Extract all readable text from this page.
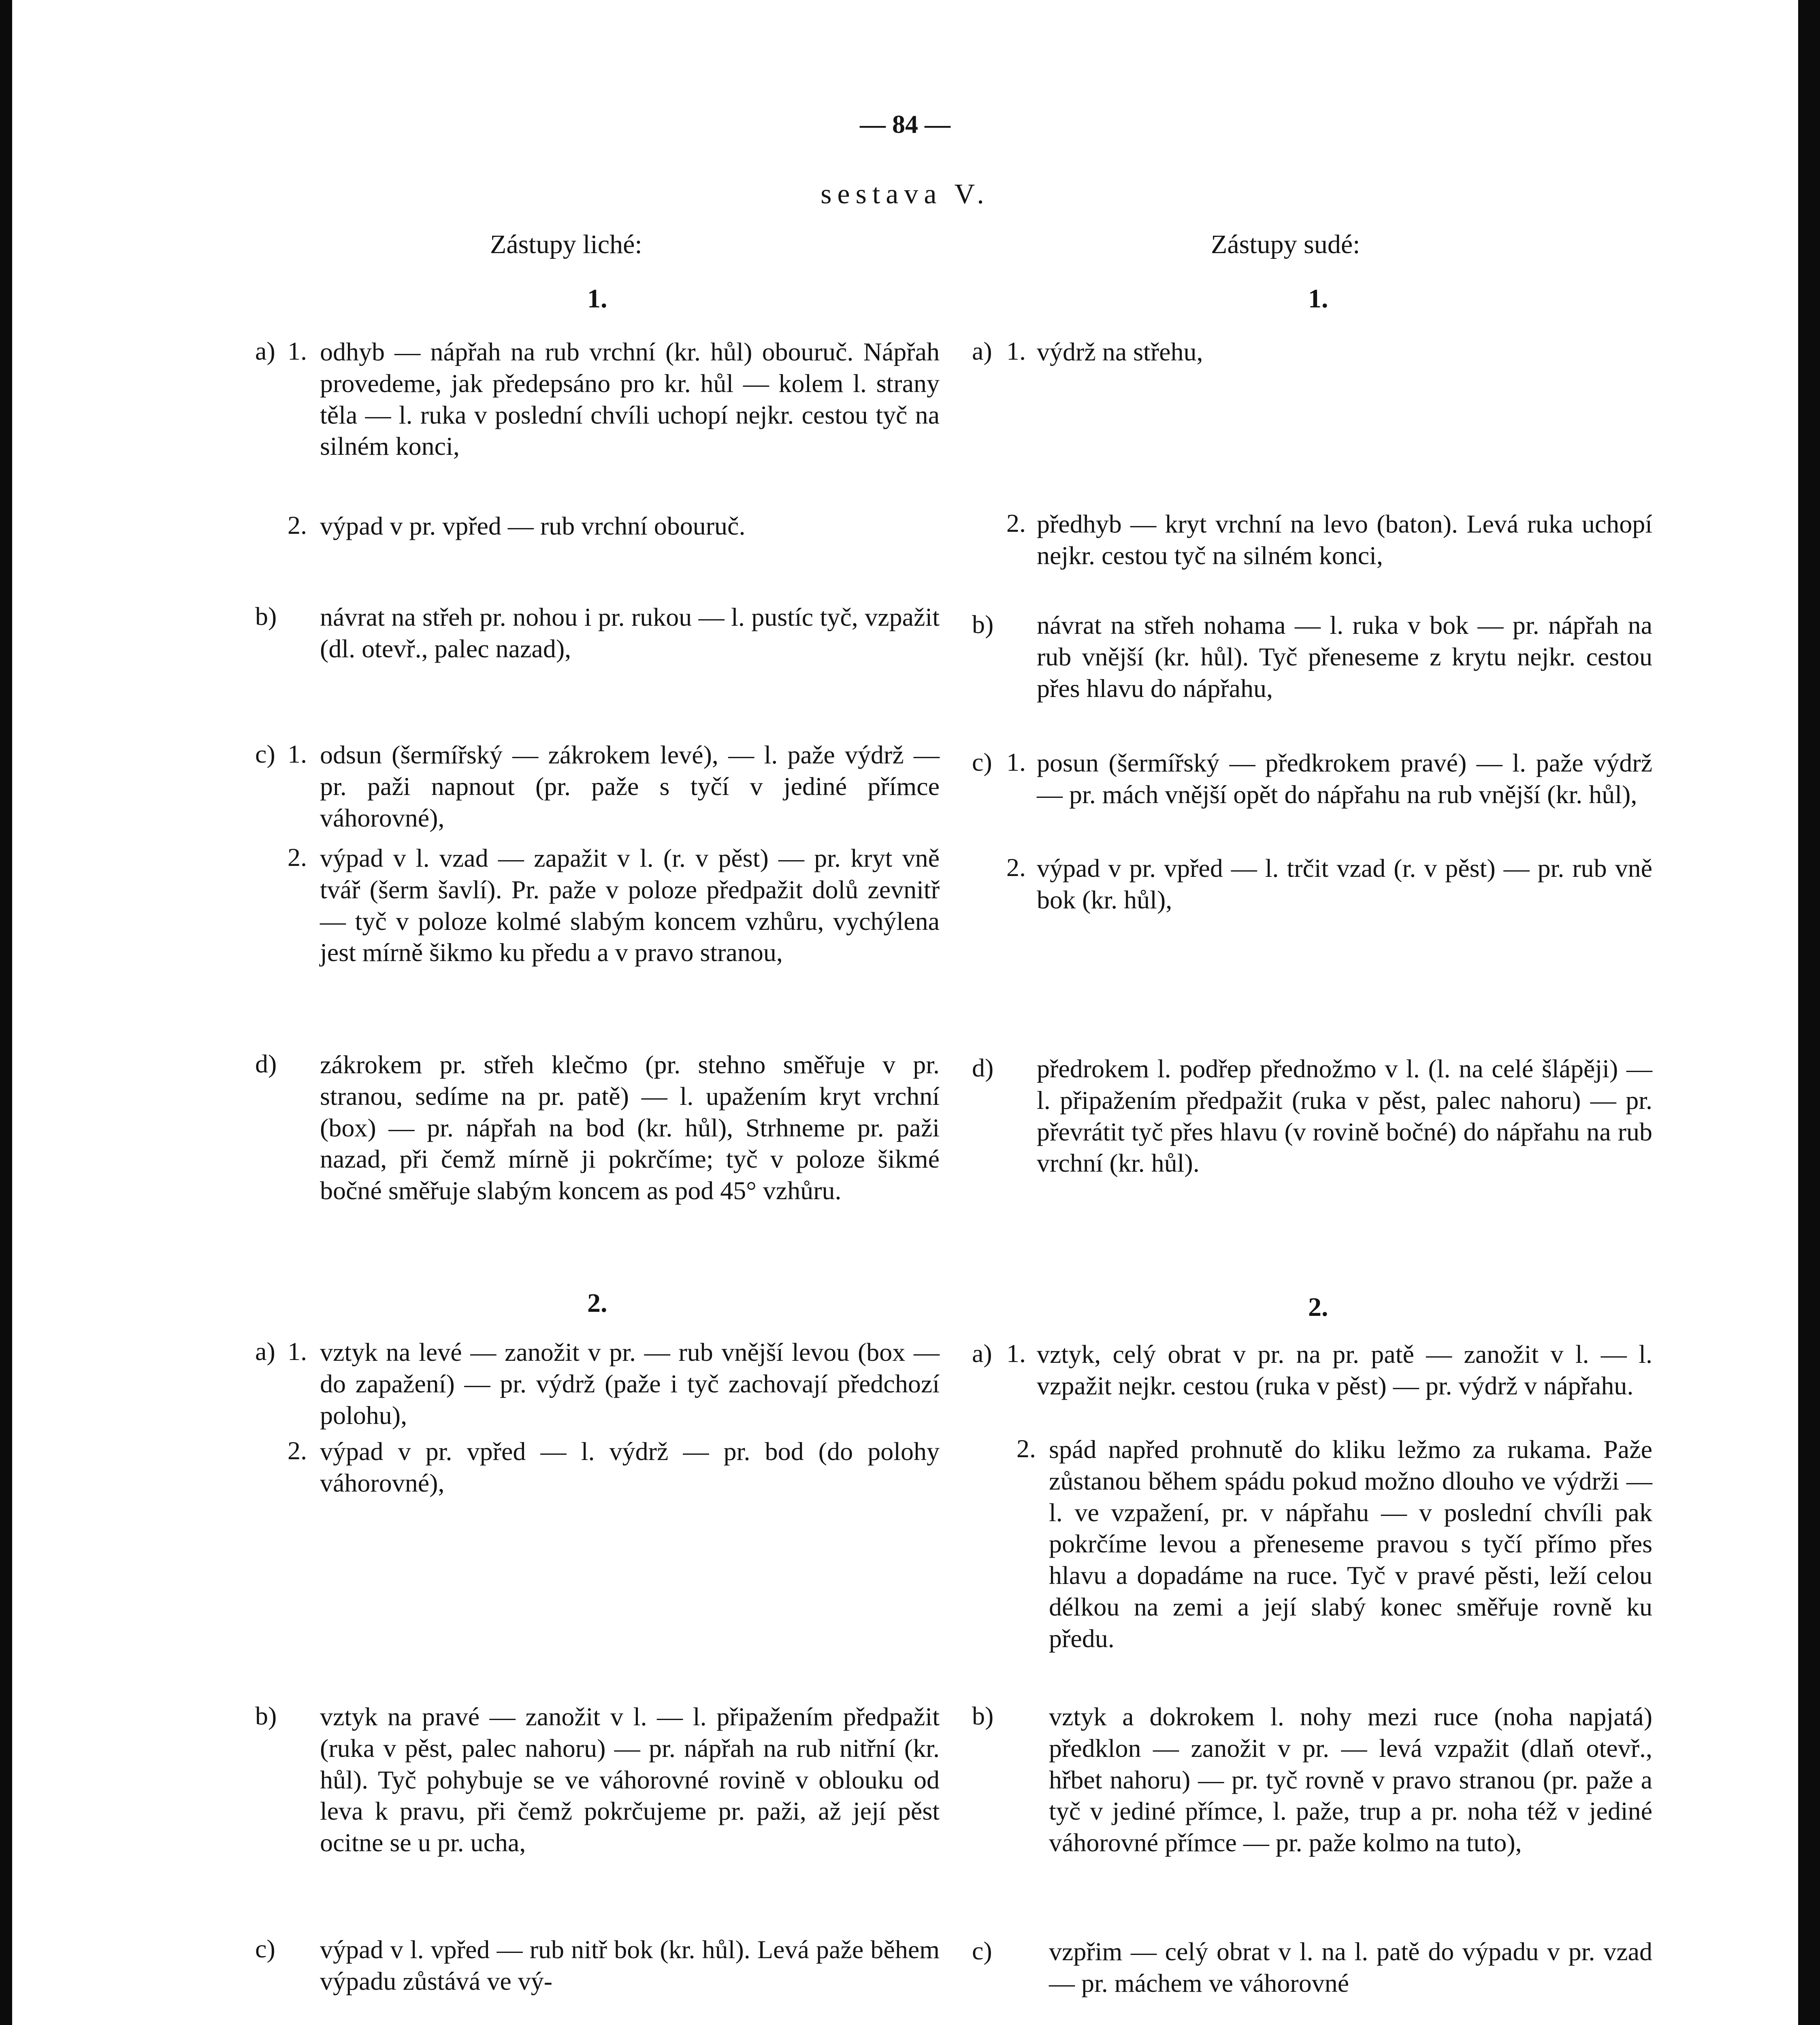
— 84 —
sestava V.
Zástupy liché:	Zástupy sudé:
1.
a) 1. odhyb — nápřah na rub vrchní (kr. hůl) obouruč. Nápřah provedeme, jak předepsáno pro kr. hůl — kolem l. strany těla — l. ruka v poslední chvíli uchopí nejkr. cestou tyč na silném konci,

2. výpad v pr. vpřed — rub vrchní obouruč.

b) návrat na střeh pr. nohou i pr. rukou — l. pustíc tyč, vzpažit (dl. otevř., palec nazad),

c) 1. odsun (šermířský — zákrokem levé), — l. paže výdrž — pr. paži napnout (pr. paže s tyčí v jediné přímce váhorovné),

2. výpad v l. vzad — zapažit v l. (r. v pěst) — pr. kryt vně tvář (šerm šavlí). Pr. paže v poloze předpažit dolů zevnitř — tyč v poloze kolmé slabým koncem vzhůru, vychýlena jest mírně šikmo ku předu a v pravo stranou,

d) zákrokem pr. střeh klečmo (pr. stehno směřuje v pr. stranou, sedíme na pr. patě) — l. upažením kryt vrchní (box) — pr. nápřah na bod (kr. hůl), Strhneme pr. paži nazad, při čemž mírně ji pokrčíme; tyč v poloze šikmé bočné směřuje slabým koncem as pod 45° vzhůru.

2.
a) 1. vztyk na levé — zanožit v pr. — rub vnější levou (box — do zapažení) — pr. výdrž (paže i tyč zachovají předchozí polohu),

2. výpad v pr. vpřed — l. výdrž — pr. bod (do polohy váhorovné),

b) vztyk na pravé — zanožit v l. — l. připažením předpažit (ruka v pěst, palec nahoru) — pr. nápřah na rub nitřní (kr. hůl). Tyč pohybuje se ve váhorovné rovině v oblouku od leva k pravu, při čemž pokrčujeme pr. paži, až její pěst ocitne se u pr. ucha,

c) výpad v l. vpřed — rub nitř bok (kr. hůl). Levá paže během výpadu zůstává ve vý-

1.
a) 1. výdrž na střehu,

2. předhyb — kryt vrchní na levo (baton). Levá ruka uchopí nejkr. cestou tyč na silném konci,

b) návrat na střeh nohama — l. ruka v bok — pr. nápřah na rub vnější (kr. hůl). Tyč přeneseme z krytu nejkr. cestou přes hlavu do nápřahu,

c) 1. posun (šermířský — předkrokem pravé) — l. paže výdrž — pr. mách vnější opět do nápřahu na rub vnější (kr. hůl),

2. výpad v pr. vpřed — l. trčit vzad (r. v pěst) — pr. rub vně bok (kr. hůl),

d) předrokem l. podřep přednožmo v l. (l. na celé šlápěji) — l. připažením předpažit (ruka v pěst, palec nahoru) — pr. převrátit tyč přes hlavu (v rovině bočné) do nápřahu na rub vrchní (kr. hůl).

2.
a) 1. vztyk, celý obrat v pr. na pr. patě — zanožit v l. — l. vzpažit nejkr. cestou (ruka v pěst) — pr. výdrž v nápřahu.

2. spád napřed prohnutě do kliku ležmo za rukama. Paže zůstanou během spádu pokud možno dlouho ve výdrži — l. ve vzpažení, pr. v nápřahu — v poslední chvíli pak pokrčíme levou a přeneseme pravou s tyčí přímo přes hlavu a dopadáme na ruce. Tyč v pravé pěsti, leží celou délkou na zemi a její slabý konec směřuje rovně ku předu.

b) vztyk a dokrokem l. nohy mezi ruce (noha napjatá) předklon — zanožit v pr. — levá vzpažit (dlaň otevř., hřbet nahoru) — pr. tyč rovně v pravo stranou (pr. paže a tyč v jediné přímce, l. paže, trup a pr. noha též v jediné váhorovné přímce — pr. paže kolmo na tuto),

c) vzpřim — celý obrat v l. na l. patě do výpadu v pr. vzad — pr. máchem ve váhorovné
